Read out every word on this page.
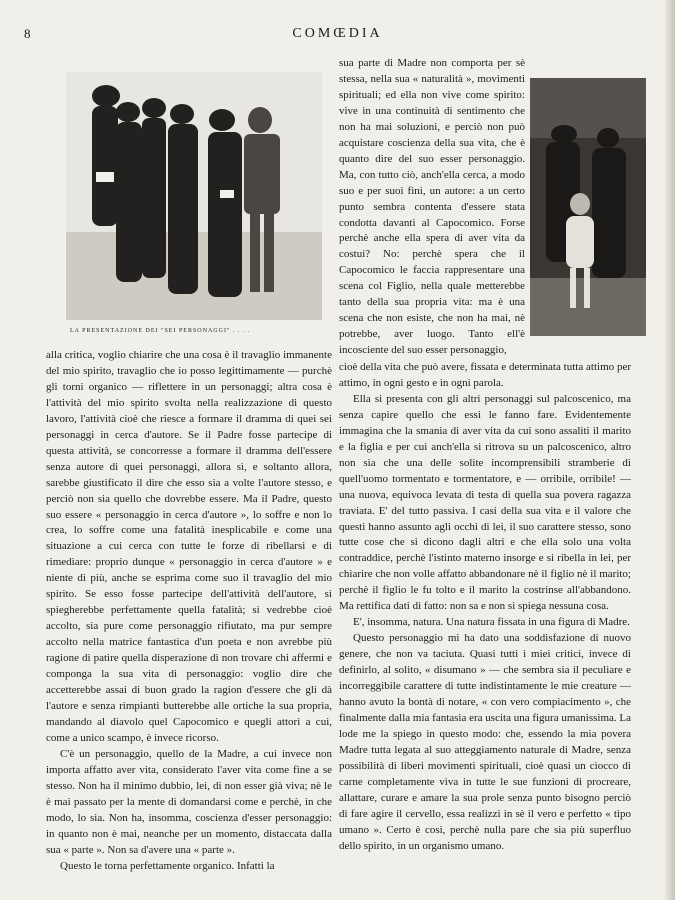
8	COMŒDIA
LA PRESENTAZIONE DEI "SEI PERSONAGGI" . . . .

sua parte di Madre non comporta per sè stessa, nella sua « naturalità », movimenti spirituali; ed ella non vive come spirito: vive in una continuità di sentimento che non ha mai soluzioni, e perciò non può acquistare coscienza della sua vita, che è quanto dire del suo esser personaggio. Ma, con tutto ciò, anch'ella cerca, a modo suo e per suoi fini, un autore: a un certo punto sembra contenta d'essere stata condotta davanti al Capocomico. Forse perchè anche ella spera di aver vita da costui? No: perchè spera che il Capocomico le faccia rappresentare una scena col Figlio, nella quale metterebbe tanto della sua propria vita: ma è una scena che non esiste, che non ha mai, nè potrebbe, aver luogo. Tanto ell'è incosciente del suo esser personaggio,

alla critica, voglio chiarire che una cosa è il travaglio immanente del mio spirito, travaglio che io posso legittimamente — purchè gli torni organico — riflettere in un personaggi; altra cosa è l'attività del mio spirito svolta nella realizzazione di questo lavoro, l'attività cioè che riesce a formare il dramma di quei sei personaggi in cerca d'autore. Se il Padre fosse partecipe di questa attività, se concorresse a formare il dramma dell'essere senza autore di quei personaggi, allora sì, e soltanto allora, sarebbe giustificato il dire che esso sia a volte l'autore stesso, e perciò non sia quello che dovrebbe essere. Ma il Padre, questo suo essere « personaggio in cerca d'autore », lo soffre e non lo crea, lo soffre come una fatalità inesplicabile e come una situazione a cui cerca con tutte le forze di ribellarsi e di rimediare: proprio dunque « personaggio in cerca d'autore » e niente di più, anche se esprima come suo il travaglio del mio spirito. Se esso fosse partecipe dell'attività dell'autore, si spiegherebbe perfettamente quella fatalità; si vedrebbe cioè accolto, sia pure come personaggio rifiutato, ma pur sempre accolto nella matrice fantastica d'un poeta e non avrebbe più ragione di patire quella disperazione di non trovare chi affermi e componga la sua vita di personaggio: voglio dire che accetterebbe assai di buon grado la ragion d'essere che gli dà l'autore e senza rimpianti butterebbe alle ortiche la sua propria, mandando al diavolo quel Capocomico e quegli attori a cui, come a unico scampo, è invece ricorso.

C'è un personaggio, quello de la Madre, a cui invece non importa affatto aver vita, considerato l'aver vita come fine a se stesso. Non ha il minimo dubbio, lei, di non esser già viva; nè le è mai passato per la mente di domandarsi come e perchè, in che modo, lo sia. Non ha, insomma, coscienza d'esser personaggio: in quanto non è mai, neanche per un momento, distaccata dalla sua « parte ». Non sa d'avere una « parte ».

Questo le torna perfettamente organico. Infatti la

cioè della vita che può avere, fissata e determinata tutta attimo per attimo, in ogni gesto e in ogni parola.

Ella si presenta con gli altri personaggi sul palcoscenico, ma senza capire quello che essi le fanno fare. Evidentemente immagina che la smania di aver vita da cui sono assaliti il marito e la figlia e per cui anch'ella si ritrova su un palcoscenico, altro non sia che una delle solite incomprensibili stramberie di quell'uomo tormentato e tormentatore, e — orribile, orribile! — una nuova, equivoca levata di testa di quella sua povera ragazza traviata. E' del tutto passiva. I casi della sua vita e il valore che questi hanno assunto agli occhi di lei, il suo carattere stesso, sono tutte cose che si dicono dagli altri e che ella solo una volta contraddice, perchè l'istinto materno insorge e si ribella in lei, per chiarire che non volle affatto abbandonare nè il figlio nè il marito; perchè il figlio le fu tolto e il marito la costrinse all'abbandono. Ma rettifica dati di fatto: non sa e non si spiega nessuna cosa.

E', insomma, natura. Una natura fissata in una figura di Madre.

Questo personaggio mi ha dato una soddisfazione di nuovo genere, che non va taciuta. Quasi tutti i miei critici, invece di definirlo, al solito, « disumano » — che sembra sia il peculiare e incorreggibile carattere di tutte indistintamente le mie creature — hanno avuto la bontà di notare, « con vero compiacimento », che finalmente dalla mia fantasia era uscita una figura umanissima. La lode me la spiego in questo modo: che, essendo la mia povera Madre tutta legata al suo atteggiamento naturale di Madre, senza possibilità di liberi movimenti spirituali, cioè quasi un cìocco di carne completamente viva in tutte le sue funzioni di procreare, allattare, curare e amare la sua prole senza punto bisogno perciò di fare agire il cervello, essa realizzi in sè il vero e perfetto « tipo umano ». Certo è così, perchè nulla pare che sia più superfluo dello spirito, in un organismo umano.
